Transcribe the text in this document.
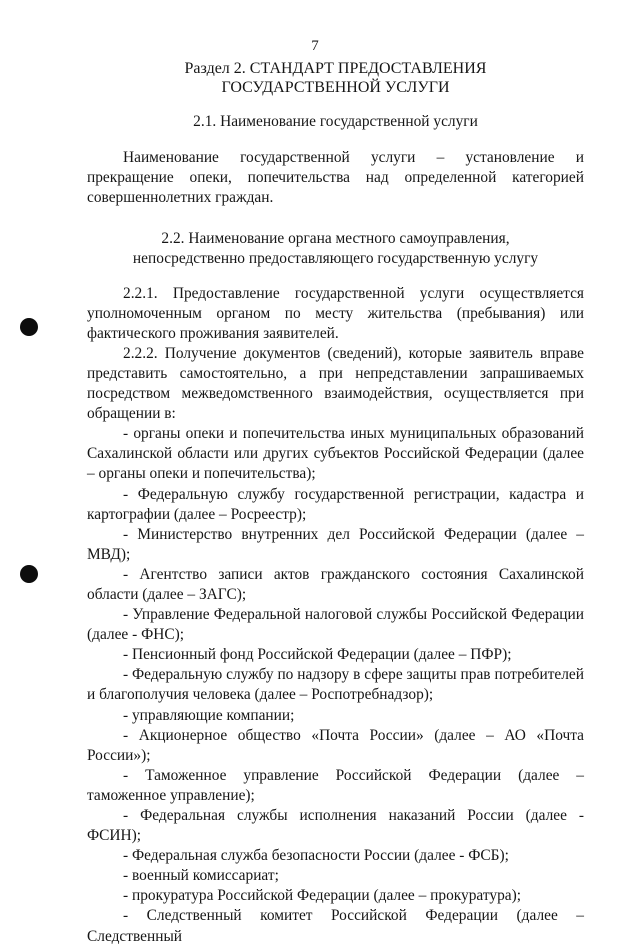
7
Раздел 2. СТАНДАРТ ПРЕДОСТАВЛЕНИЯ
ГОСУДАРСТВЕННОЙ УСЛУГИ
2.1. Наименование государственной услуги

Наименование государственной услуги – установление и прекращение опеки, попечительства над определенной категорией совершеннолетних граждан.

2.2. Наименование органа местного самоуправления,
непосредственно предоставляющего государственную услугу

2.2.1. Предоставление государственной услуги осуществляется уполномоченным органом по месту жительства (пребывания) или фактического проживания заявителей.

2.2.2. Получение документов (сведений), которые заявитель вправе представить самостоятельно, а при непредставлении запрашиваемых посредством межведомственного взаимодействия, осуществляется при обращении в:

- органы опеки и попечительства иных муниципальных образований Сахалинской области или других субъектов Российской Федерации (далее – органы опеки и попечительства);

- Федеральную службу государственной регистрации, кадастра и картографии (далее – Росреестр);

- Министерство внутренних дел Российской Федерации (далее – МВД);

- Агентство записи актов гражданского состояния Сахалинской области (далее – ЗАГС);

- Управление Федеральной налоговой службы Российской Федерации (далее - ФНС);

- Пенсионный фонд Российской Федерации (далее – ПФР);

- Федеральную службу по надзору в сфере защиты прав потребителей и благополучия человека (далее – Роспотребнадзор);

- управляющие компании;

- Акционерное общество «Почта России» (далее – АО «Почта России»);

- Таможенное управление Российской Федерации (далее – таможенное управление);

- Федеральная службы исполнения наказаний России (далее - ФСИН);

- Федеральная служба безопасности России (далее - ФСБ);

- военный комиссариат;

- прокуратура Российской Федерации (далее – прокуратура);

- Следственный комитет Российской Федерации (далее – Следственный
